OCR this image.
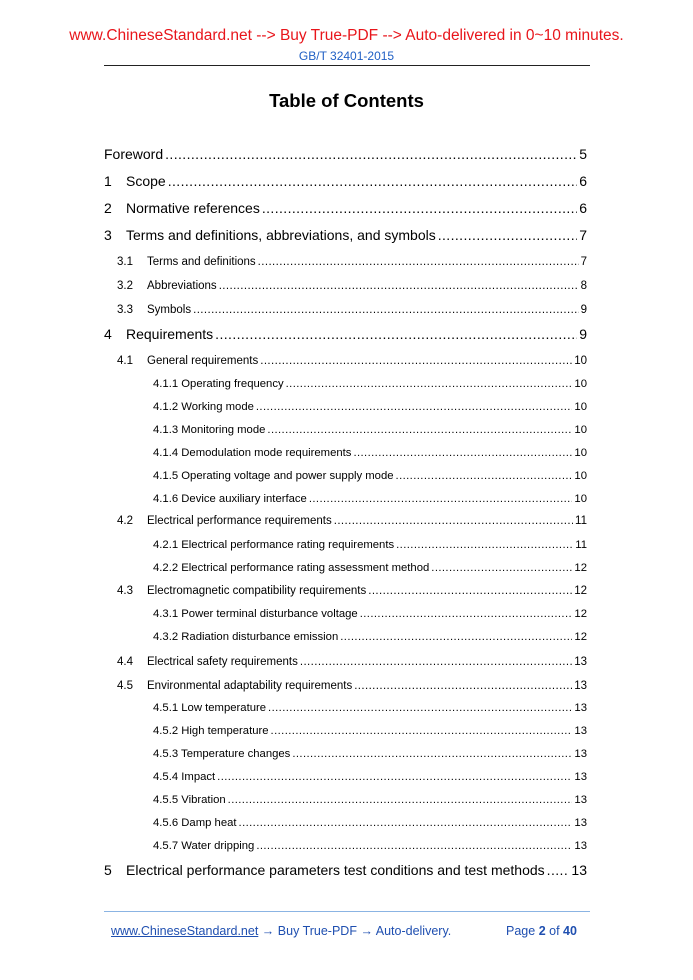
www.ChineseStandard.net --> Buy True-PDF --> Auto-delivered in 0~10 minutes.
GB/T 32401-2015
Table of Contents
Foreword .....	5
1	Scope .....	6
2	Normative references .....	6
3	Terms and definitions, abbreviations, and symbols .....	7
3.1	Terms and definitions .....	7
3.2	Abbreviations .....	8
3.3	Symbols .....	9
4	Requirements .....	9
4.1	General requirements .....	10
4.1.1 Operating frequency .....	10
4.1.2 Working mode .....	10
4.1.3 Monitoring mode .....	10
4.1.4 Demodulation mode requirements .....	10
4.1.5 Operating voltage and power supply mode .....	10
4.1.6 Device auxiliary interface .....	10
4.2	Electrical performance requirements .....	11
4.2.1 Electrical performance rating requirements .....	11
4.2.2 Electrical performance rating assessment method .....	12
4.3	Electromagnetic compatibility requirements .....	12
4.3.1 Power terminal disturbance voltage .....	12
4.3.2 Radiation disturbance emission .....	12
4.4	Electrical safety requirements .....	13
4.5	Environmental adaptability requirements .....	13
4.5.1 Low temperature .....	13
4.5.2 High temperature .....	13
4.5.3 Temperature changes .....	13
4.5.4 Impact .....	13
4.5.5 Vibration .....	13
4.5.6 Damp heat .....	13
4.5.7 Water dripping .....	13
5	Electrical performance parameters test conditions and test methods ..... 13
www.ChineseStandard.net → Buy True-PDF → Auto-delivery.	Page 2 of 40
